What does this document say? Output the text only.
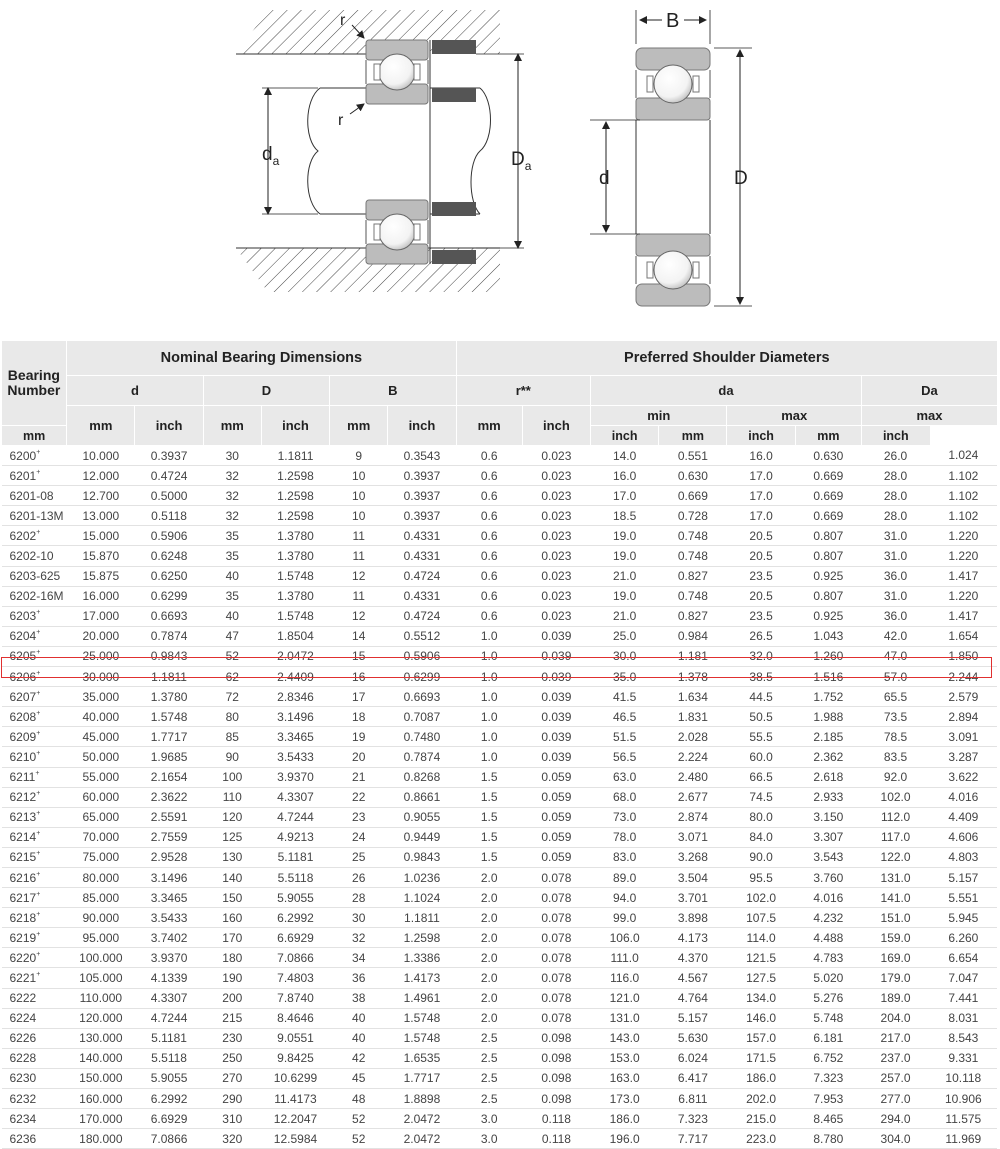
r
r
$d_a$	$D_a$
B
d	D
Bearing
Number	Nominal Bearing Dimensions						Preferred Shoulder Diameters							
	d		D		B		r**		da				Da	
	mm	inch	mm	inch	mm	inch	mm	inch	min		max		max	
mm									inch	mm	inch	mm	inch	
6200+	10.000	0.3937	30	1.1811	9	0.3543	0.6	0.023	14.0	0.551	16.0	0.630	26.0	1.024
6201+	12.000	0.4724	32	1.2598	10	0.3937	0.6	0.023	16.0	0.630	17.0	0.669	28.0	1.102
6201-08	12.700	0.5000	32	1.2598	10	0.3937	0.6	0.023	17.0	0.669	17.0	0.669	28.0	1.102
6201-13M	13.000	0.5118	32	1.2598	10	0.3937	0.6	0.023	18.5	0.728	17.0	0.669	28.0	1.102
6202+	15.000	0.5906	35	1.3780	11	0.4331	0.6	0.023	19.0	0.748	20.5	0.807	31.0	1.220
6202-10	15.870	0.6248	35	1.3780	11	0.4331	0.6	0.023	19.0	0.748	20.5	0.807	31.0	1.220
6203-625	15.875	0.6250	40	1.5748	12	0.4724	0.6	0.023	21.0	0.827	23.5	0.925	36.0	1.417
6202-16M	16.000	0.6299	35	1.3780	11	0.4331	0.6	0.023	19.0	0.748	20.5	0.807	31.0	1.220
6203+	17.000	0.6693	40	1.5748	12	0.4724	0.6	0.023	21.0	0.827	23.5	0.925	36.0	1.417
6204+	20.000	0.7874	47	1.8504	14	0.5512	1.0	0.039	25.0	0.984	26.5	1.043	42.0	1.654
6205+	25.000	0.9843	52	2.0472	15	0.5906	1.0	0.039	30.0	1.181	32.0	1.260	47.0	1.850
6206+	30.000	1.1811	62	2.4409	16	0.6299	1.0	0.039	35.0	1.378	38.5	1.516	57.0	2.244
6207+	35.000	1.3780	72	2.8346	17	0.6693	1.0	0.039	41.5	1.634	44.5	1.752	65.5	2.579
6208+	40.000	1.5748	80	3.1496	18	0.7087	1.0	0.039	46.5	1.831	50.5	1.988	73.5	2.894
6209+	45.000	1.7717	85	3.3465	19	0.7480	1.0	0.039	51.5	2.028	55.5	2.185	78.5	3.091
6210+	50.000	1.9685	90	3.5433	20	0.7874	1.0	0.039	56.5	2.224	60.0	2.362	83.5	3.287
6211+	55.000	2.1654	100	3.9370	21	0.8268	1.5	0.059	63.0	2.480	66.5	2.618	92.0	3.622
6212+	60.000	2.3622	110	4.3307	22	0.8661	1.5	0.059	68.0	2.677	74.5	2.933	102.0	4.016
6213+	65.000	2.5591	120	4.7244	23	0.9055	1.5	0.059	73.0	2.874	80.0	3.150	112.0	4.409
6214+	70.000	2.7559	125	4.9213	24	0.9449	1.5	0.059	78.0	3.071	84.0	3.307	117.0	4.606
6215+	75.000	2.9528	130	5.1181	25	0.9843	1.5	0.059	83.0	3.268	90.0	3.543	122.0	4.803
6216+	80.000	3.1496	140	5.5118	26	1.0236	2.0	0.078	89.0	3.504	95.5	3.760	131.0	5.157
6217+	85.000	3.3465	150	5.9055	28	1.1024	2.0	0.078	94.0	3.701	102.0	4.016	141.0	5.551
6218+	90.000	3.5433	160	6.2992	30	1.1811	2.0	0.078	99.0	3.898	107.5	4.232	151.0	5.945
6219+	95.000	3.7402	170	6.6929	32	1.2598	2.0	0.078	106.0	4.173	114.0	4.488	159.0	6.260
6220+	100.000	3.9370	180	7.0866	34	1.3386	2.0	0.078	111.0	4.370	121.5	4.783	169.0	6.654
6221+	105.000	4.1339	190	7.4803	36	1.4173	2.0	0.078	116.0	4.567	127.5	5.020	179.0	7.047
6222	110.000	4.3307	200	7.8740	38	1.4961	2.0	0.078	121.0	4.764	134.0	5.276	189.0	7.441
6224	120.000	4.7244	215	8.4646	40	1.5748	2.0	0.078	131.0	5.157	146.0	5.748	204.0	8.031
6226	130.000	5.1181	230	9.0551	40	1.5748	2.5	0.098	143.0	5.630	157.0	6.181	217.0	8.543
6228	140.000	5.5118	250	9.8425	42	1.6535	2.5	0.098	153.0	6.024	171.5	6.752	237.0	9.331
6230	150.000	5.9055	270	10.6299	45	1.7717	2.5	0.098	163.0	6.417	186.0	7.323	257.0	10.118
6232	160.000	6.2992	290	11.4173	48	1.8898	2.5	0.098	173.0	6.811	202.0	7.953	277.0	10.906
6234	170.000	6.6929	310	12.2047	52	2.0472	3.0	0.118	186.0	7.323	215.0	8.465	294.0	11.575
6236	180.000	7.0866	320	12.5984	52	2.0472	3.0	0.118	196.0	7.717	223.0	8.780	304.0	11.969
